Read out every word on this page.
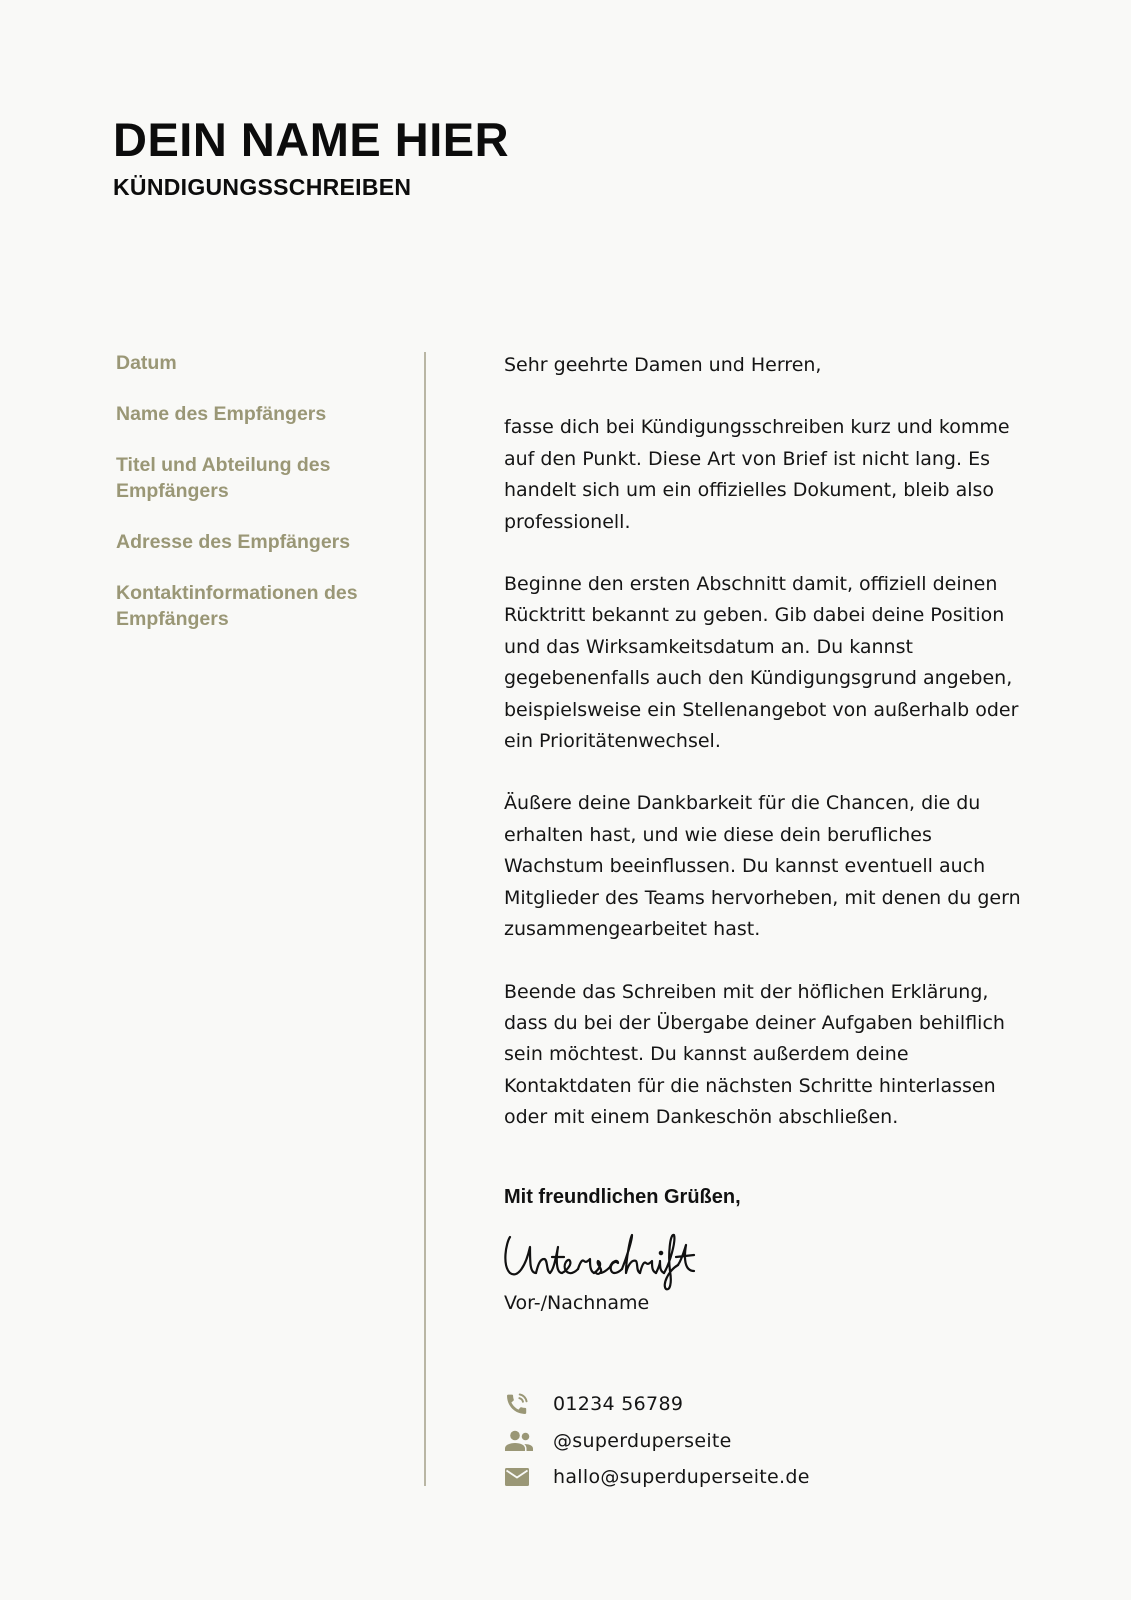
DEIN NAME HIER
KÜNDIGUNGSSCHREIBEN
Datum
Name des Empfängers
Titel und Abteilung des Empfängers
Adresse des Empfängers
Kontaktinformationen des Empfängers

Sehr geehrte Damen und Herren,

fasse dich bei Kündigungsschreiben kurz und komme auf den Punkt. Diese Art von Brief ist nicht lang. Es handelt sich um ein offizielles Dokument, bleib also professionell.

Beginne den ersten Abschnitt damit, offiziell deinen Rücktritt bekannt zu geben. Gib dabei deine Position und das Wirksamkeitsdatum an. Du kannst gegebenenfalls auch den Kündigungsgrund angeben, beispielsweise ein Stellenangebot von außerhalb oder ein Prioritätenwechsel.

Äußere deine Dankbarkeit für die Chancen, die du erhalten hast, und wie diese dein berufliches Wachstum beeinflussen. Du kannst eventuell auch Mitglieder des Teams hervorheben, mit denen du gern zusammengearbeitet hast.

Beende das Schreiben mit der höflichen Erklärung, dass du bei der Übergabe deiner Aufgaben behilflich sein möchtest. Du kannst außerdem deine Kontaktdaten für die nächsten Schritte hinterlassen oder mit einem Dankeschön abschließen.

Mit freundlichen Grüßen,
Vor-/Nachname
01234 56789
@superduperseite
hallo@superduperseite.de
